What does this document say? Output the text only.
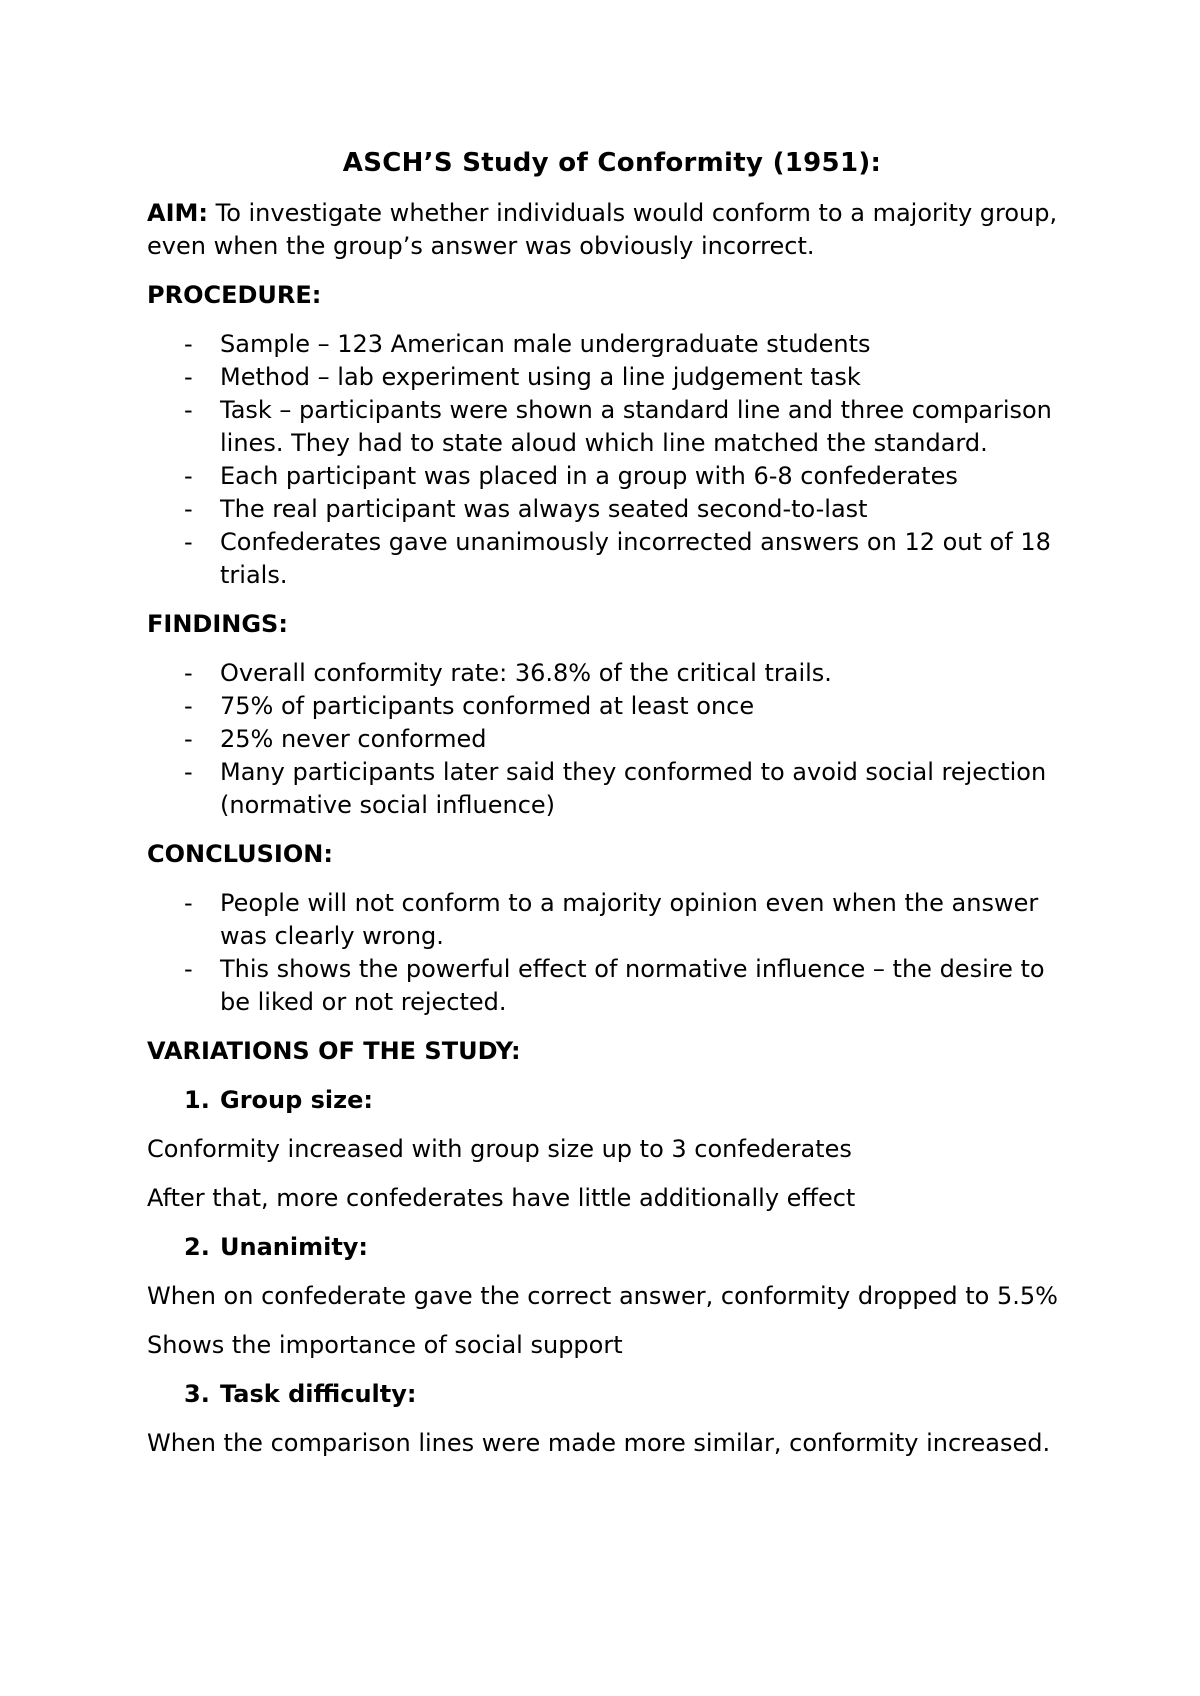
ASCH’S Study of Conformity (1951):

AIM: To investigate whether individuals would conform to a majority group, even when the group’s answer was obviously incorrect.

PROCEDURE:
- Sample – 123 American male undergraduate students
- Method – lab experiment using a line judgement task
- Task – participants were shown a standard line and three comparison lines. They had to state aloud which line matched the standard.
- Each participant was placed in a group with 6-8 confederates
- The real participant was always seated second-to-last
- Confederates gave unanimously incorrected answers on 12 out of 18 trials.
FINDINGS:
- Overall conformity rate: 36.8% of the critical trails.
- 75% of participants conformed at least once
- 25% never conformed
- Many participants later said they conformed to avoid social rejection (normative social influence)
CONCLUSION:
- People will not conform to a majority opinion even when the answer was clearly wrong.
- This shows the powerful effect of normative influence – the desire to be liked or not rejected.
VARIATIONS OF THE STUDY:
1. Group size:

Conformity increased with group size up to 3 confederates

After that, more confederates have little additionally effect

2. Unanimity:

When on confederate gave the correct answer, conformity dropped to 5.5%

Shows the importance of social support

3. Task difficulty:

When the comparison lines were made more similar, conformity increased.
